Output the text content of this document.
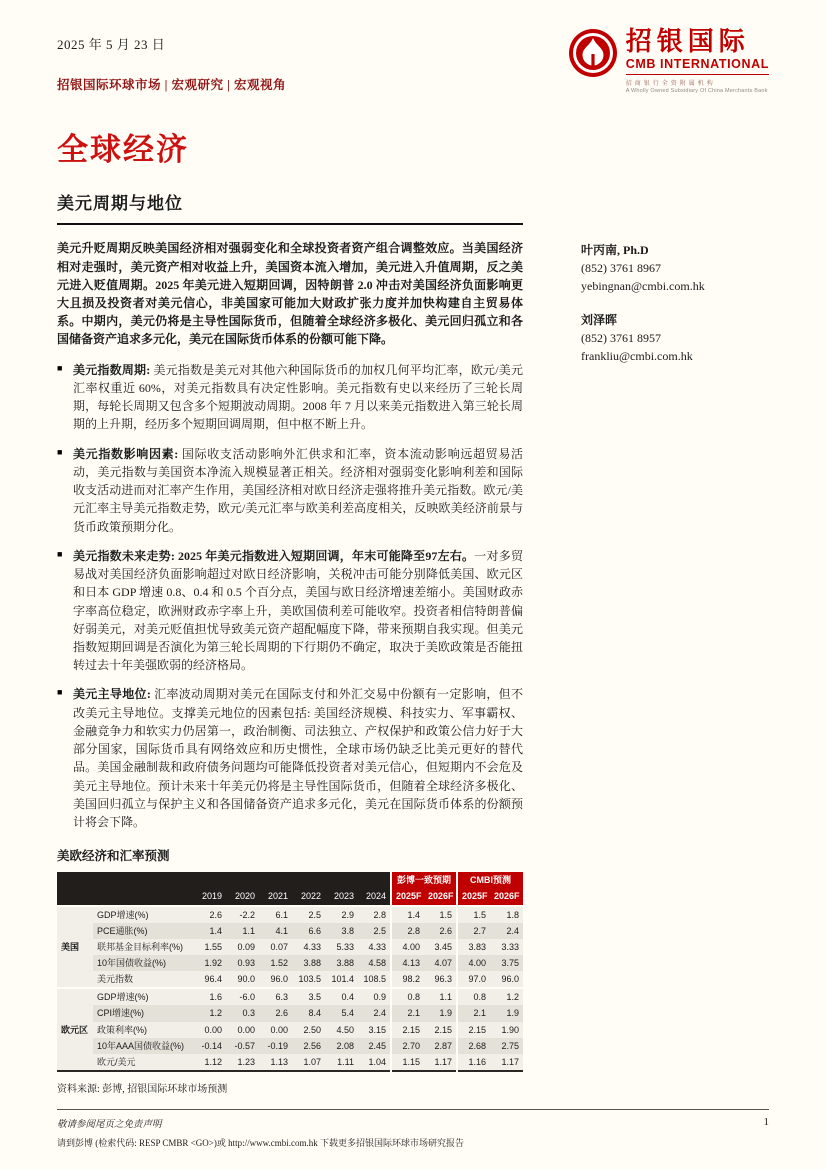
2025 年 5 月 23 日
招银国际环球市场 | 宏观研究 | 宏观视角
招银国际
CMB INTERNATIONAL
招商银行全资附属机构
A Wholly Owned Subsidiary Of China Merchants Bank
全球经济
美元周期与地位

美元升贬周期反映美国经济相对强弱变化和全球投资者资产组合调整效应。当美国经济相对走强时，美元资产相对收益上升，美国资本流入增加，美元进入升值周期，反之美元进入贬值周期。2025 年美元进入短期回调，因特朗普 2.0 冲击对美国经济负面影响更大且损及投资者对美元信心，非美国家可能加大财政扩张力度并加快构建自主贸易体系。中期内，美元仍将是主导性国际货币，但随着全球经济多极化、美元回归孤立和各国储备资产追求多元化，美元在国际货币体系的份额可能下降。

■ 美元指数周期: 美元指数是美元对其他六种国际货币的加权几何平均汇率，欧元/美元汇率权重近 60%，对美元指数具有决定性影响。美元指数有史以来经历了三轮长周期，每轮长周期又包含多个短期波动周期。2008 年 7 月以来美元指数进入第三轮长周期的上升期，经历多个短期回调周期，但中枢不断上升。
■ 美元指数影响因素: 国际收支活动影响外汇供求和汇率，资本流动影响远超贸易活动，美元指数与美国资本净流入规模显著正相关。经济相对强弱变化影响利差和国际收支活动进而对汇率产生作用，美国经济相对欧日经济走强将推升美元指数。欧元/美元汇率主导美元指数走势，欧元/美元汇率与欧美利差高度相关，反映欧美经济前景与货币政策预期分化。
■ 美元指数未来走势: 2025 年美元指数进入短期回调，年末可能降至97左右。一对多贸易战对美国经济负面影响超过对欧日经济影响，关税冲击可能分别降低美国、欧元区和日本 GDP 增速 0.8、0.4 和 0.5 个百分点，美国与欧日经济增速差缩小。美国财政赤字率高位稳定，欧洲财政赤字率上升，美欧国债利差可能收窄。投资者相信特朗普偏好弱美元，对美元贬值担忧导致美元资产超配幅度下降，带来预期自我实现。但美元指数短期回调是否演化为第三轮长周期的下行期仍不确定，取决于美欧政策是否能扭转过去十年美强欧弱的经济格局。
■ 美元主导地位: 汇率波动周期对美元在国际支付和外汇交易中份额有一定影响，但不改美元主导地位。支撑美元地位的因素包括: 美国经济规模、科技实力、军事霸权、金融竞争力和软实力仍居第一，政治制衡、司法独立、产权保护和政策公信力好于大部分国家，国际货币具有网络效应和历史惯性，全球市场仍缺乏比美元更好的替代品。美国金融制裁和政府债务问题均可能降低投资者对美元信心，但短期内不会危及美元主导地位。预计未来十年美元仍将是主导性国际货币，但随着全球经济多极化、美国回归孤立与保护主义和各国储备资产追求多元化，美元在国际货币体系的份额预计将会下降。
美欧经济和汇率预测
								彭博一致预期		CMBI预测	
		2019	2020	2021	2022	2023	2024	2025F	2026F	2025F	2026F
美国	GDP增速(%)	2.6	-2.2	6.1	2.5	2.9	2.8	1.4	1.5	1.5	1.8
	PCE通胀(%)	1.4	1.1	4.1	6.6	3.8	2.5	2.8	2.6	2.7	2.4
	联邦基金目标利率(%)	1.55	0.09	0.07	4.33	5.33	4.33	4.00	3.45	3.83	3.33
	10年国债收益(%)	1.92	0.93	1.52	3.88	3.88	4.58	4.13	4.07	4.00	3.75
	美元指数	96.4	90.0	96.0	103.5	101.4	108.5	98.2	96.3	97.0	96.0
欧元区	GDP增速(%)	1.6	-6.0	6.3	3.5	0.4	0.9	0.8	1.1	0.8	1.2
	CPI增速(%)	1.2	0.3	2.6	8.4	5.4	2.4	2.1	1.9	2.1	1.9
	政策利率(%)	0.00	0.00	0.00	2.50	4.50	3.15	2.15	2.15	2.15	1.90
	10年AAA国债收益(%)	-0.14	-0.57	-0.19	2.56	2.08	2.45	2.70	2.87	2.68	2.75
	欧元/美元	1.12	1.23	1.13	1.07	1.11	1.04	1.15	1.17	1.16	1.17
资料来源: 彭博, 招银国际环球市场预测
叶丙南, Ph.D
(852) 3761 8967
yebingnan@cmbi.com.hk
刘泽晖
(852) 3761 8957
frankliu@cmbi.com.hk
敬请参阅尾页之免责声明	1
请到彭博 (检索代码: RESP CMBR <GO>)或 http://www.cmbi.com.hk 下载更多招银国际环球市场研究报告
